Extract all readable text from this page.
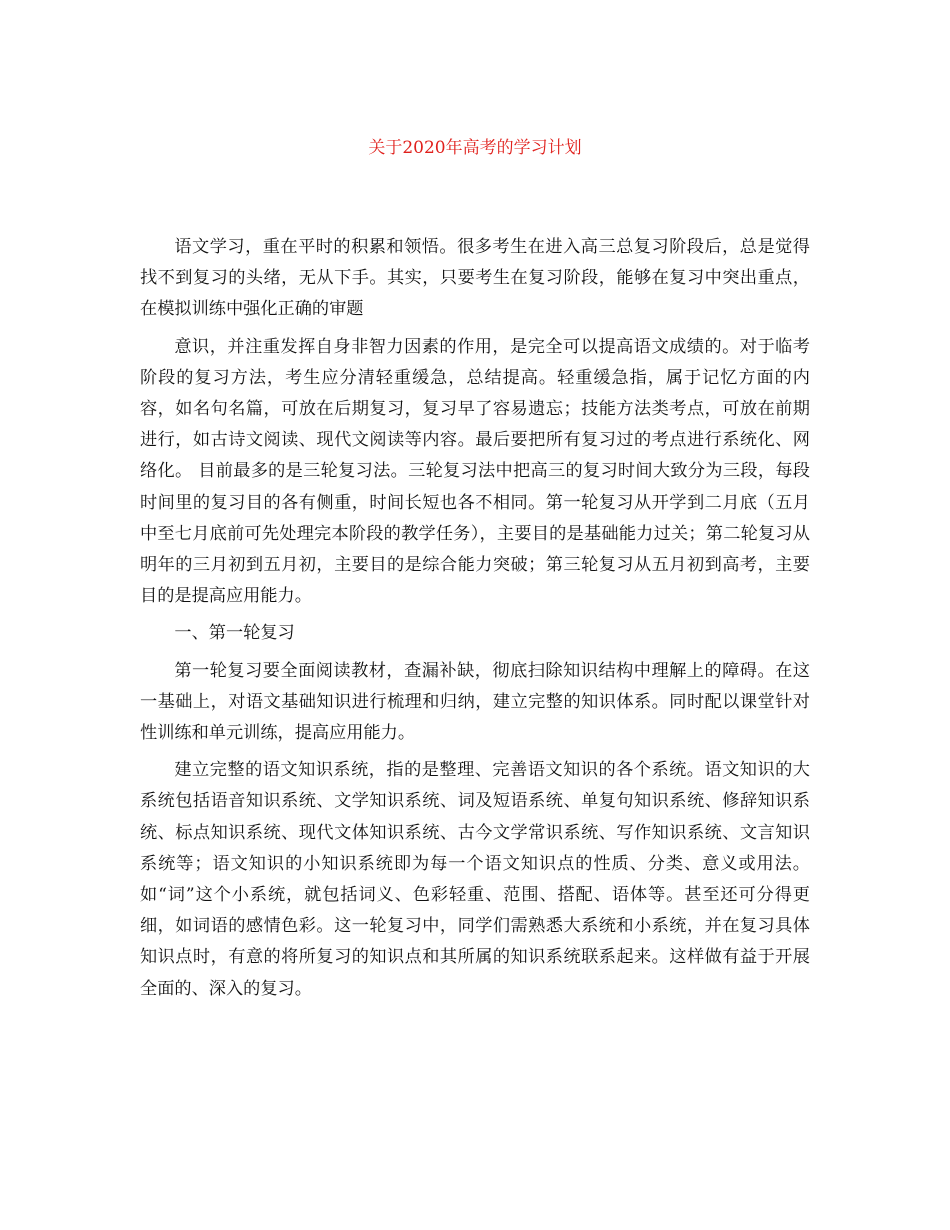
关于2020年高考的学习计划

语文学习，重在平时的积累和领悟。很多考生在进入高三总复习阶段后，总是觉得找不到复习的头绪，无从下手。其实，只要考生在复习阶段，能够在复习中突出重点，在模拟训练中强化正确的审题

意识，并注重发挥自身非智力因素的作用，是完全可以提高语文成绩的。对于临考阶段的复习方法，考生应分清轻重缓急，总结提高。轻重缓急指，属于记忆方面的内容，如名句名篇，可放在后期复习，复习早了容易遗忘；技能方法类考点，可放在前期进行，如古诗文阅读、现代文阅读等内容。最后要把所有复习过的考点进行系统化、网络化。 目前最多的是三轮复习法。三轮复习法中把高三的复习时间大致分为三段，每段时间里的复习目的各有侧重，时间长短也各不相同。第一轮复习从开学到二月底（五月中至七月底前可先处理完本阶段的教学任务），主要目的是基础能力过关；第二轮复习从明年的三月初到五月初，主要目的是综合能力突破；第三轮复习从五月初到高考，主要目的是提高应用能力。

一、第一轮复习

第一轮复习要全面阅读教材，查漏补缺，彻底扫除知识结构中理解上的障碍。在这一基础上，对语文基础知识进行梳理和归纳，建立完整的知识体系。同时配以课堂针对性训练和单元训练，提高应用能力。

建立完整的语文知识系统，指的是整理、完善语文知识的各个系统。语文知识的大系统包括语音知识系统、文学知识系统、词及短语系统、单复句知识系统、修辞知识系统、标点知识系统、现代文体知识系统、古今文学常识系统、写作知识系统、文言知识系统等；语文知识的小知识系统即为每一个语文知识点的性质、分类、意义或用法。如“词”这个小系统，就包括词义、色彩轻重、范围、搭配、语体等。甚至还可分得更细，如词语的感情色彩。这一轮复习中，同学们需熟悉大系统和小系统，并在复习具体知识点时，有意的将所复习的知识点和其所属的知识系统联系起来。这样做有益于开展全面的、深入的复习。
